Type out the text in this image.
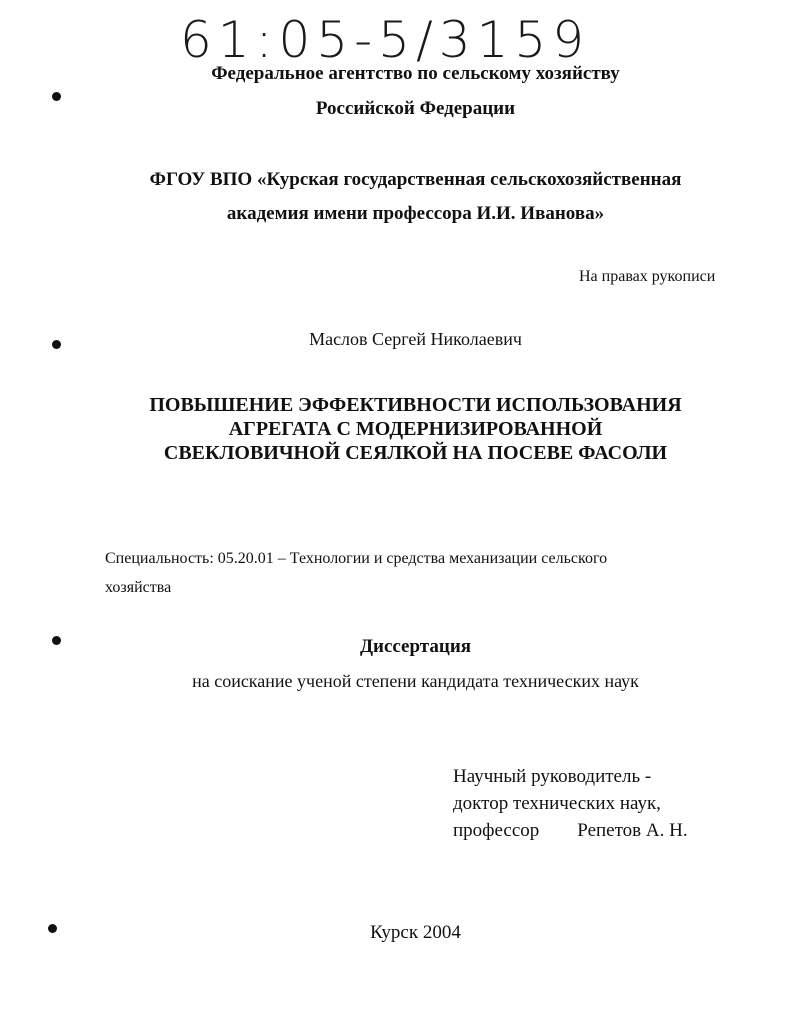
61:05-5/3159
Федеральное агентство по сельскому хозяйству
Российской Федерации
ФГОУ ВПО «Курская государственная сельскохозяйственная
академия имени профессора И.И. Иванова»
На правах рукописи
Маслов Сергей Николаевич
ПОВЫШЕНИЕ ЭФФЕКТИВНОСТИ ИСПОЛЬЗОВАНИЯ
АГРЕГАТА С МОДЕРНИЗИРОВАННОЙ
СВЕКЛОВИЧНОЙ СЕЯЛКОЙ НА ПОСЕВЕ ФАСОЛИ
Специальность: 05.20.01 – Технологии и средства механизации сельского
хозяйства
Диссертация
на соискание ученой степени кандидата технических наук
Научный руководитель -
доктор технических наук,
профессор Репетов А. Н.
Курск 2004
